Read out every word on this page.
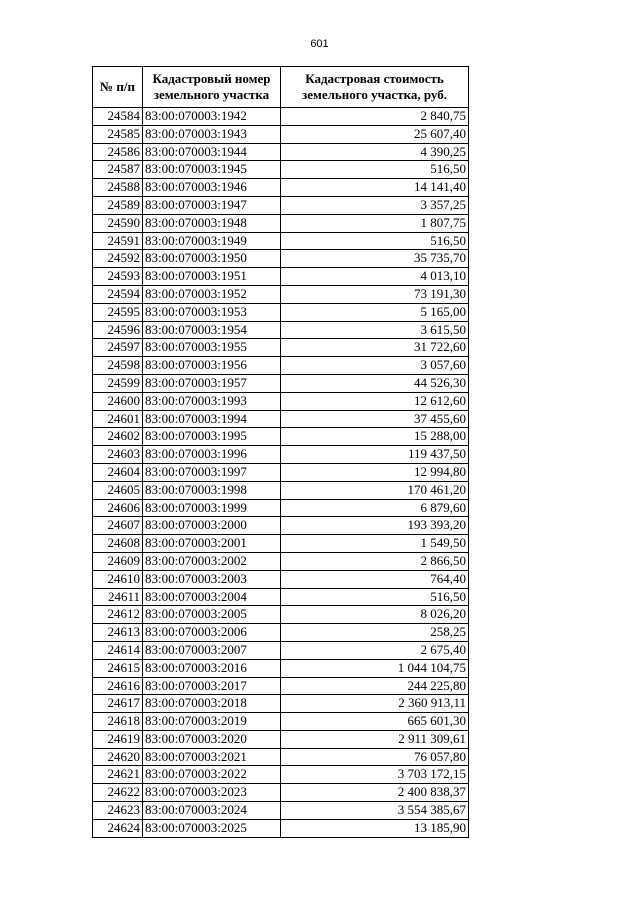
601
№ п/п	Кадастровый номер земельного участка	Кадастровая стоимость земельного участка, руб.
24584	83:00:070003:1942	2 840,75
24585	83:00:070003:1943	25 607,40
24586	83:00:070003:1944	4 390,25
24587	83:00:070003:1945	516,50
24588	83:00:070003:1946	14 141,40
24589	83:00:070003:1947	3 357,25
24590	83:00:070003:1948	1 807,75
24591	83:00:070003:1949	516,50
24592	83:00:070003:1950	35 735,70
24593	83:00:070003:1951	4 013,10
24594	83:00:070003:1952	73 191,30
24595	83:00:070003:1953	5 165,00
24596	83:00:070003:1954	3 615,50
24597	83:00:070003:1955	31 722,60
24598	83:00:070003:1956	3 057,60
24599	83:00:070003:1957	44 526,30
24600	83:00:070003:1993	12 612,60
24601	83:00:070003:1994	37 455,60
24602	83:00:070003:1995	15 288,00
24603	83:00:070003:1996	119 437,50
24604	83:00:070003:1997	12 994,80
24605	83:00:070003:1998	170 461,20
24606	83:00:070003:1999	6 879,60
24607	83:00:070003:2000	193 393,20
24608	83:00:070003:2001	1 549,50
24609	83:00:070003:2002	2 866,50
24610	83:00:070003:2003	764,40
24611	83:00:070003:2004	516,50
24612	83:00:070003:2005	8 026,20
24613	83:00:070003:2006	258,25
24614	83:00:070003:2007	2 675,40
24615	83:00:070003:2016	1 044 104,75
24616	83:00:070003:2017	244 225,80
24617	83:00:070003:2018	2 360 913,11
24618	83:00:070003:2019	665 601,30
24619	83:00:070003:2020	2 911 309,61
24620	83:00:070003:2021	76 057,80
24621	83:00:070003:2022	3 703 172,15
24622	83:00:070003:2023	2 400 838,37
24623	83:00:070003:2024	3 554 385,67
24624	83:00:070003:2025	13 185,90
